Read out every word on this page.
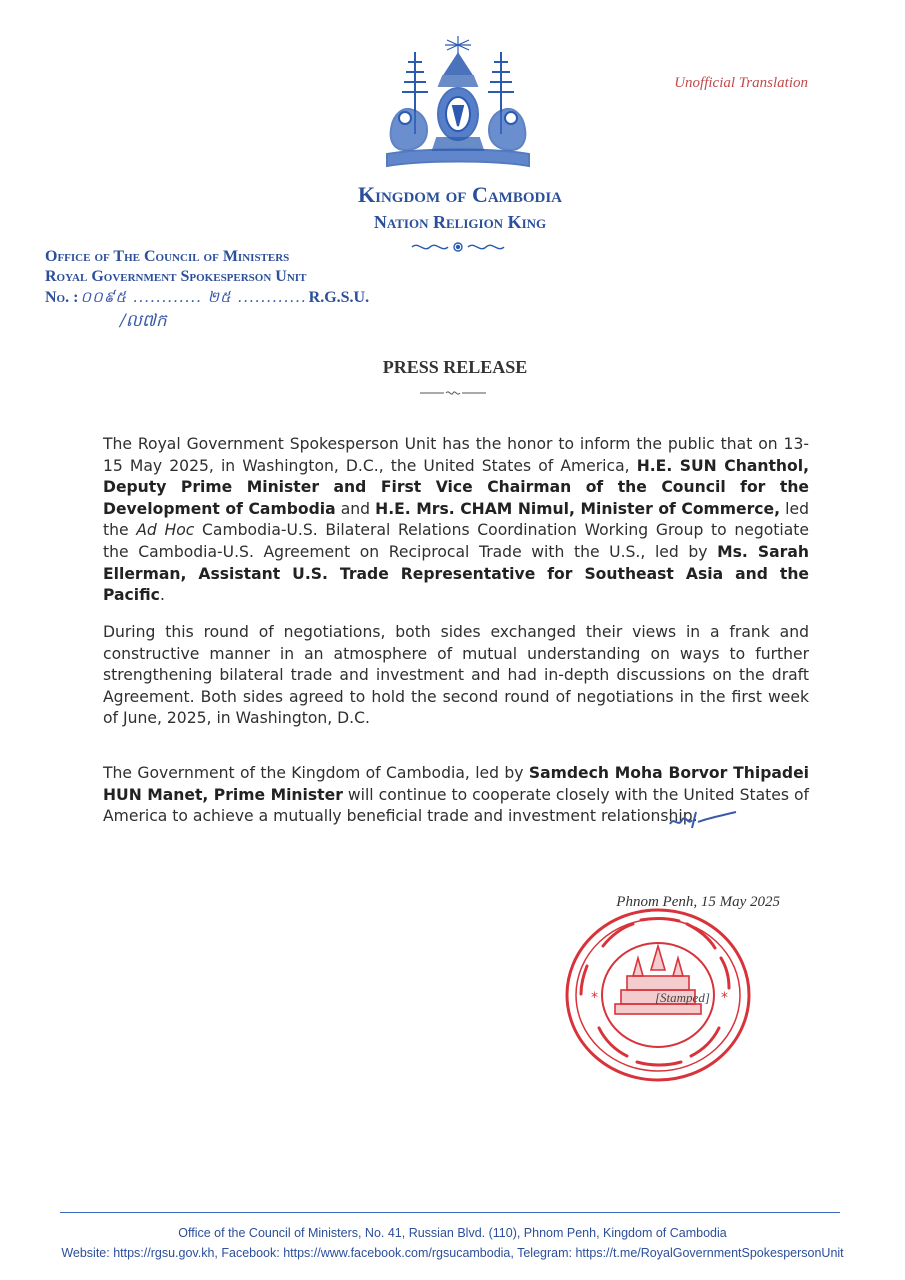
Unofficial Translation
Kingdom of Cambodia
Nation Religion King
Office of The Council of Ministers
Royal Government Spokesperson Unit
No. : ០០៩៥ ............ ២៥ ............ R.G.S.U.
/ល៧ក
PRESS RELEASE
The Royal Government Spokesperson Unit has the honor to inform the public that on 13-15 May 2025, in Washington, D.C., the United States of America, H.E. SUN Chanthol, Deputy Prime Minister and First Vice Chairman of the Council for the Development of Cambodia and H.E. Mrs. CHAM Nimul, Minister of Commerce, led the Ad Hoc Cambodia-U.S. Bilateral Relations Coordination Working Group to negotiate the Cambodia-U.S. Agreement on Reciprocal Trade with the U.S., led by Ms. Sarah Ellerman, Assistant U.S. Trade Representative for Southeast Asia and the Pacific.
During this round of negotiations, both sides exchanged their views in a frank and constructive manner in an atmosphere of mutual understanding on ways to further strengthening bilateral trade and investment and had in-depth discussions on the draft Agreement. Both sides agreed to hold the second round of negotiations in the first week of June, 2025, in Washington, D.C.
The Government of the Kingdom of Cambodia, led by Samdech Moha Borvor Thipadei HUN Manet, Prime Minister will continue to cooperate closely with the United States of America to achieve a mutually beneficial trade and investment relationship.
Phnom Penh, 15 May 2025
*	*
[Stamped]
Office of the Council of Ministers, No. 41, Russian Blvd. (110), Phnom Penh, Kingdom of Cambodia
Website: https://rgsu.gov.kh, Facebook: https://www.facebook.com/rgsucambodia, Telegram: https://t.me/RoyalGovernmentSpokespersonUnit
